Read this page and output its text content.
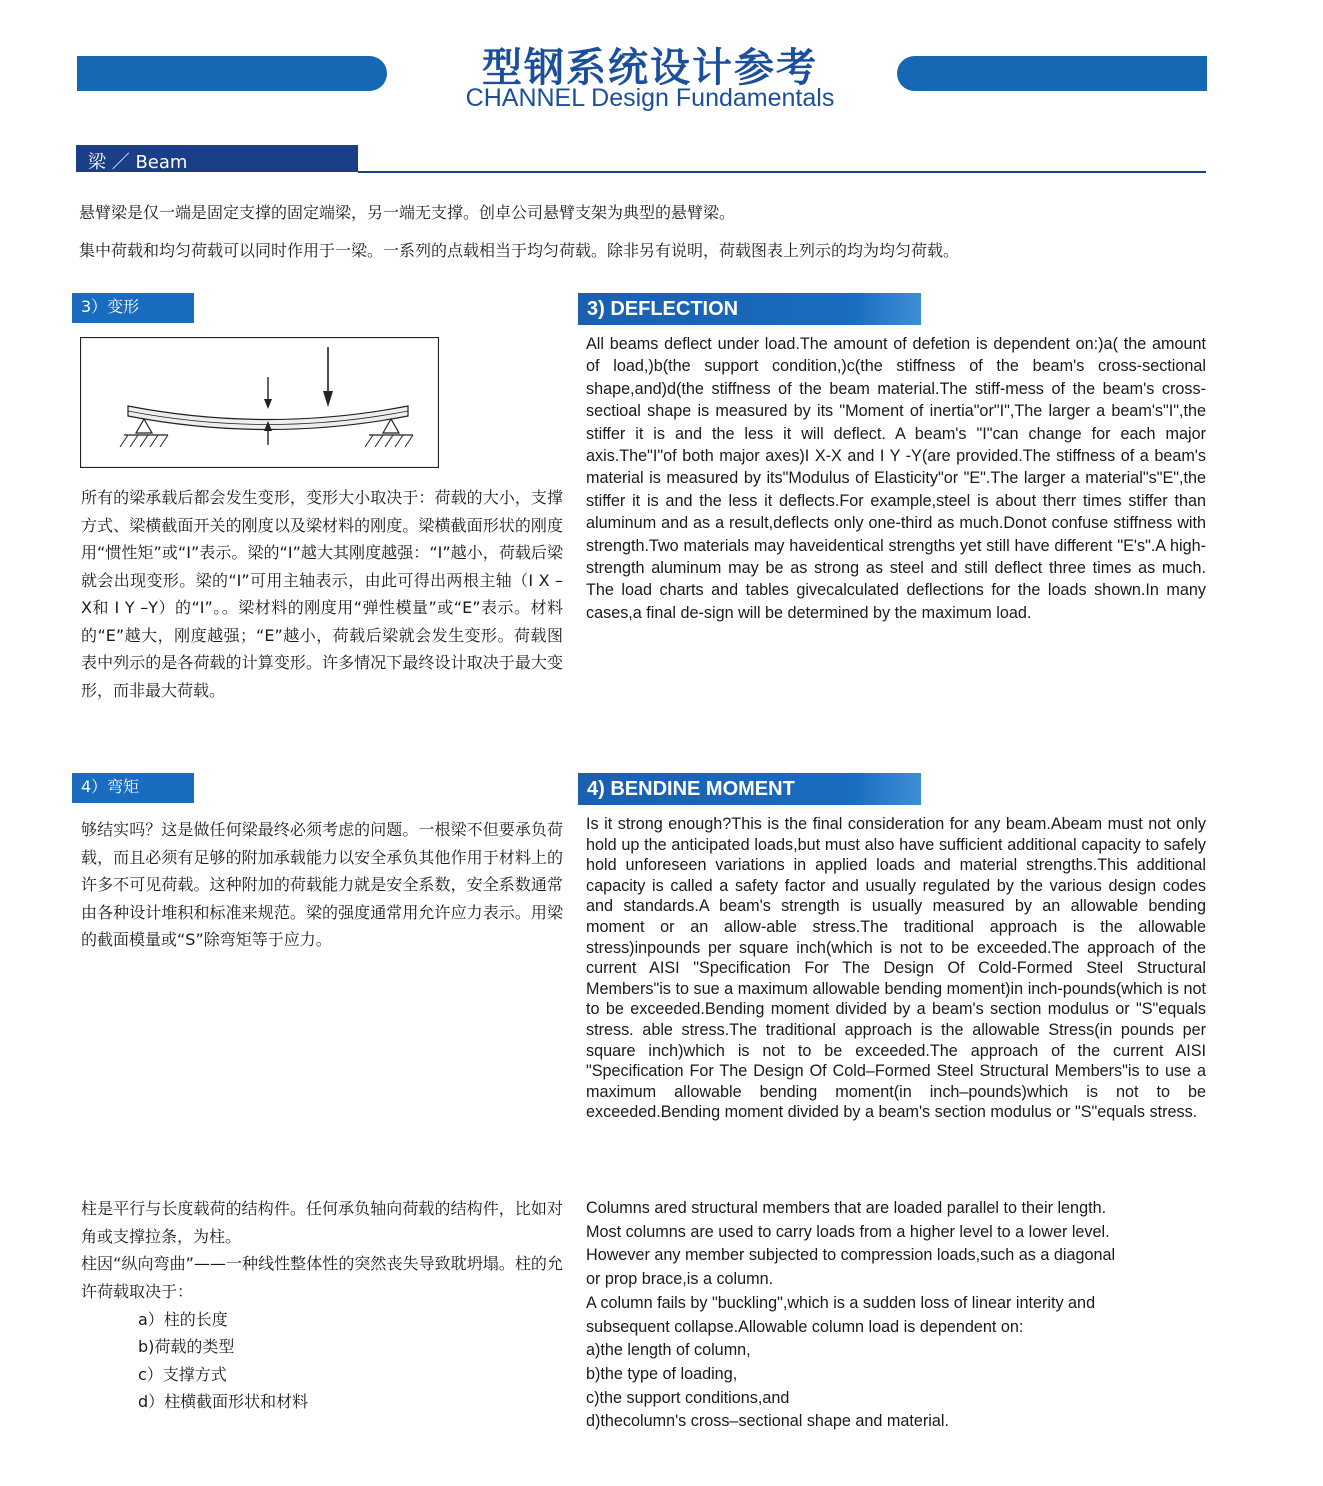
型钢系统设计参考
CHANNEL Design Fundamentals
梁 ／ Beam
悬臂梁是仅一端是固定支撑的固定端梁，另一端无支撑。创卓公司悬臂支架为典型的悬臂梁。
集中荷载和均匀荷载可以同时作用于一梁。一系列的点载相当于均匀荷载。除非另有说明，荷载图表上列示的均为均匀荷载。
3）变形	3) DEFLECTION
所有的梁承载后都会发生变形，变形大小取决于：荷载的大小，支撑方式、梁横截面开关的刚度以及梁材料的刚度。梁横截面形状的刚度用“惯性矩”或“I”表示。梁的“I”越大其刚度越强：“I”越小，荷载后梁就会出现变形。梁的“I”可用主轴表示，由此可得出两根主轴（I X –X和 I Y –Y）的“I”。。梁材料的刚度用“弹性模量”或“E”表示。材料的“E”越大，刚度越强；“E”越小，荷载后梁就会发生变形。荷载图表中列示的是各荷载的计算变形。许多情况下最终设计取决于最大变形，而非最大荷载。
All beams deflect under load.The amount of defetion is dependent on:)a( the amount of load,)b(the support condition,)c(the stiffness of the beam's cross-sectional shape,and)d(the stiffness of the beam material.The stiff-mess of the beam's cross-sectioal shape is measured by its "Moment of inertia"or"I",The larger a beam's"I",the stiffer it is and the less it will deflect. A beam's "I"can change for each major axis.The"I"of both major axes)I X-X and I Y -Y(are provided.The stiffness of a beam's material is measured by its"Modulus of Elasticity"or "E".The larger a material"s"E",the stiffer it is and the less it deflects.For example,steel is about therr times stiffer than aluminum and as a result,deflects only one-third as much.Donot confuse stiffness with strength.Two materials may haveidentical strengths yet still have different "E's".A high-strength aluminum may be as strong as steel and still deflect three times as much. The load charts and tables givecalculated deflections for the loads shown.In many cases,a final de-sign will be determined by the maximum load.
4）弯矩	4) BENDINE MOMENT
够结实吗？这是做任何梁最终必须考虑的问题。一根梁不但要承负荷载，而且必须有足够的附加承载能力以安全承负其他作用于材料上的许多不可见荷载。这种附加的荷载能力就是安全系数，安全系数通常由各种设计堆积和标准来规范。梁的强度通常用允许应力表示。用梁的截面模量或“S”除弯矩等于应力。
Is it strong enough?This is the final consideration for any beam.Abeam must not only hold up the anticipated loads,but must also have sufficient additional capacity to safely hold unforeseen variations in applied loads and material strengths.This additional capacity is called a safety factor and usually regulated by the various design codes and standards.A beam's strength is usually measured by an allowable bending moment or an allow-able stress.The traditional approach is the allowable stress)inpounds per square inch(which is not to be exceeded.The approach of the current AISI "Specification For The Design Of Cold-Formed Steel Structural Members"is to sue a maximum allowable bending moment)in inch-pounds(which is not to be exceeded.Bending moment divided by a beam's section modulus or "S"equals stress. able stress.The traditional approach is the allowable Stress(in pounds per square inch)which is not to be exceeded.The approach of the current AISI "Specification For The Design Of Cold–Formed Steel Structural Members"is to use a maximum allowable bending moment(in inch–pounds)which is not to be exceeded.Bending moment divided by a beam's section modulus or "S"equals stress.
柱是平行与长度载荷的结构件。任何承负轴向荷载的结构件，比如对角或支撑拉条，为柱。
柱因“纵向弯曲”——一种线性整体性的突然丧失导致耽坍塌。柱的允许荷载取决于：
a）柱的长度
b)荷载的类型
c）支撑方式
d）柱横截面形状和材料

Columns ared structural members that are loaded parallel to their length.

Most columns are used to carry loads from a higher level to a lower level.

However any member subjected to compression loads,such as a diagonal

or prop brace,is a column.

A column fails by "buckling",which is a sudden loss of linear interity and

subsequent collapse.Allowable column load is dependent on:

a)the length of column,

b)the type of loading,

c)the support conditions,and

d)thecolumn's cross–sectional shape and material.
